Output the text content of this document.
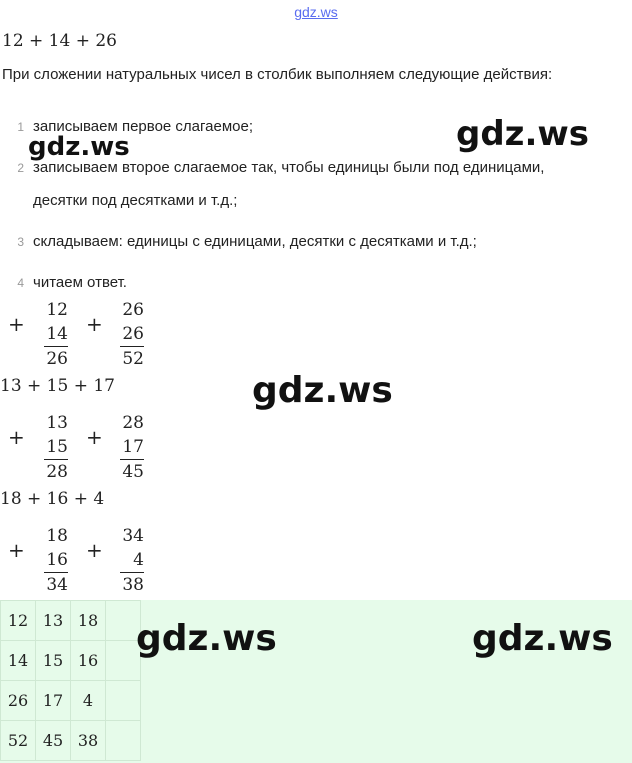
gdz.ws
12 + 14 + 26
При сложении натуральных чисел в столбик выполняем следующие действия:
1 записываем первое слагаемое;
2 записываем второе слагаемое так, чтобы единицы были под единицами,
десятки под десятками и т.д.;
3 складываем: единицы с единицами, десятки с десятками и т.д.;
4 читаем ответ.
+
12
14
26
+
26
26
52
13 + 15 + 17
+
13
15
28
+
28
17
45
18 + 16 + 4
+
18
16
34
+
34
4
38
12	13	18	
14	15	16	
26	17	4	
52	45	38	
gdz.ws
gdz.ws
gdz.ws
gdz.ws	gdz.ws
